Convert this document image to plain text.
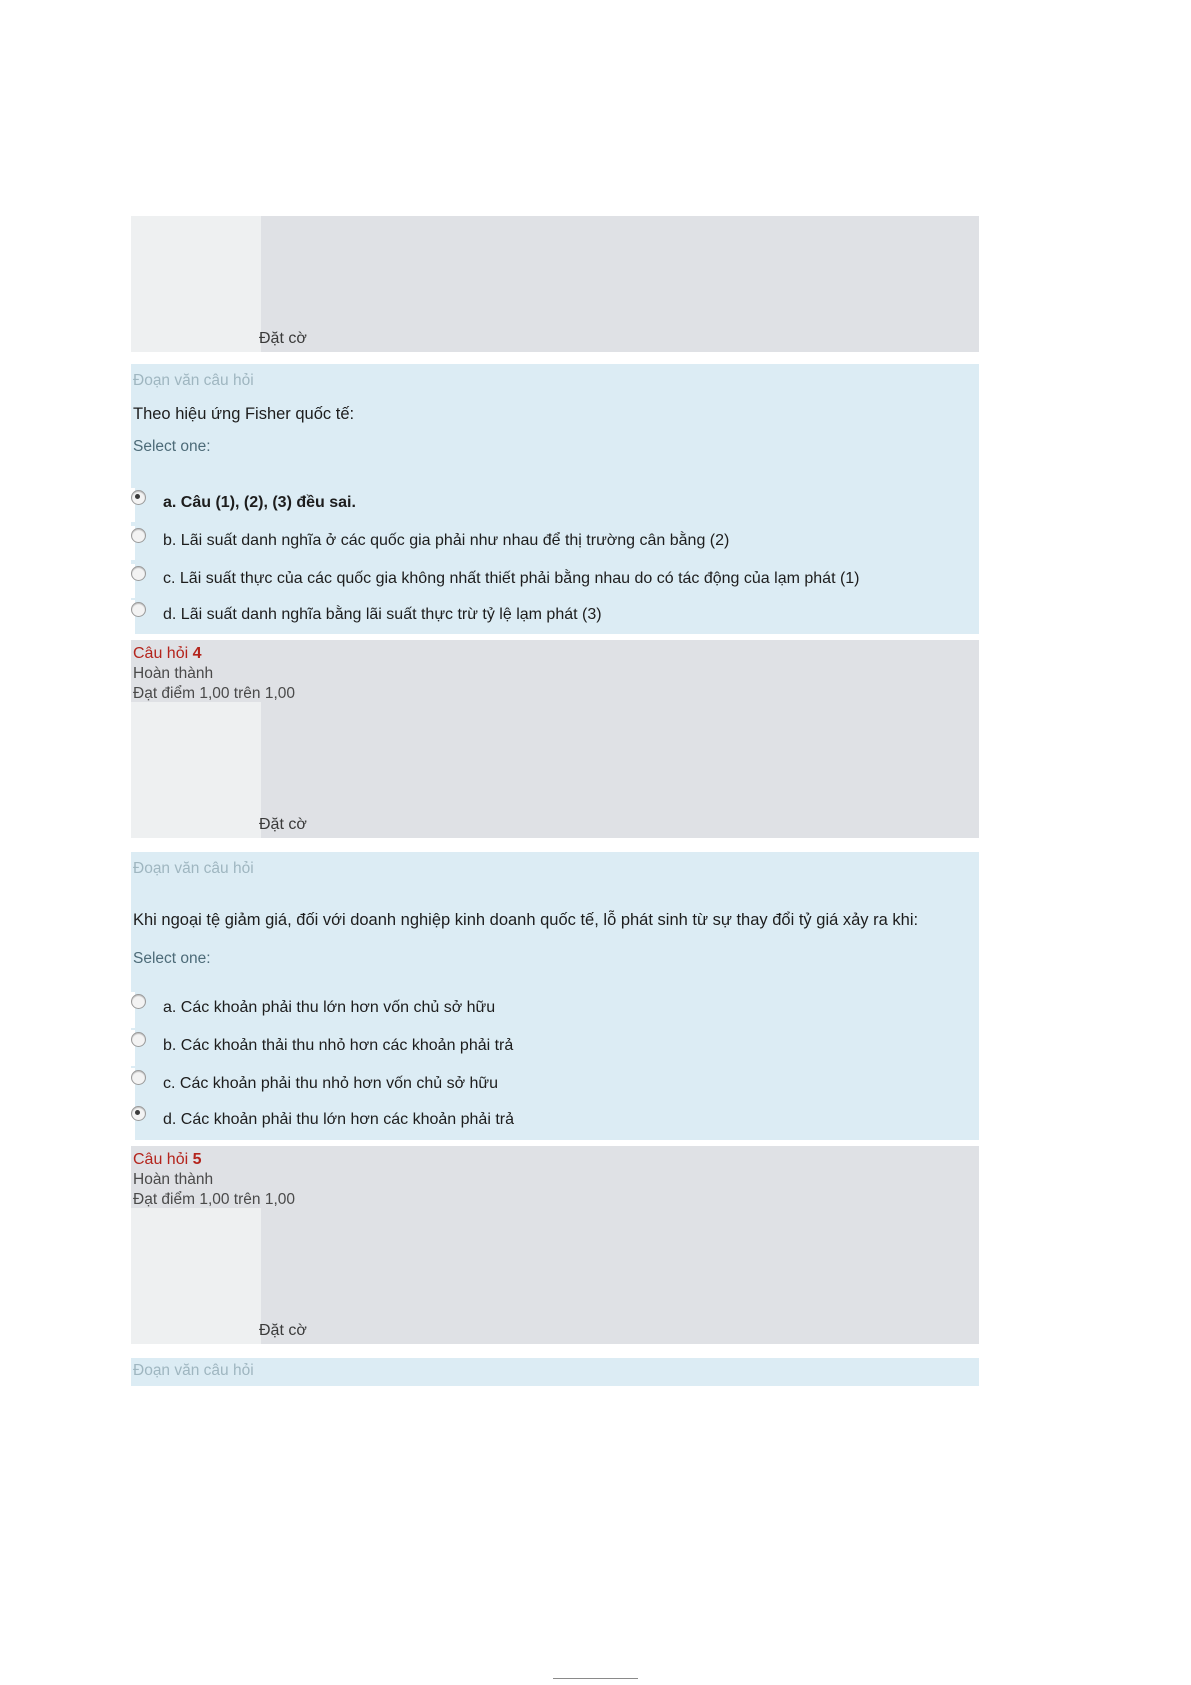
Đặt cờ
Đoạn văn câu hỏi
Theo hiệu ứng Fisher quốc tế:
Select one:
a. Câu (1), (2), (3) đều sai.
b. Lãi suất danh nghĩa ở các quốc gia phải như nhau để thị trường cân bằng (2)
c. Lãi suất thực của các quốc gia không nhất thiết phải bằng nhau do có tác động của lạm phát (1)
d. Lãi suất danh nghĩa bằng lãi suất thực trừ tỷ lệ lạm phát (3)
Câu hỏi 4
Hoàn thành
Đạt điểm 1,00 trên 1,00
Đặt cờ
Đoạn văn câu hỏi
Khi ngoại tệ giảm giá, đối với doanh nghiệp kinh doanh quốc tế, lỗ phát sinh từ sự thay đổi tỷ giá xảy ra khi:
Select one:
a. Các khoản phải thu lớn hơn vốn chủ sở hữu
b. Các khoản thải thu nhỏ hơn các khoản phải trả
c. Các khoản phải thu nhỏ hơn vốn chủ sở hữu
d. Các khoản phải thu lớn hơn các khoản phải trả
Câu hỏi 5
Hoàn thành
Đạt điểm 1,00 trên 1,00
Đặt cờ
Đoạn văn câu hỏi
